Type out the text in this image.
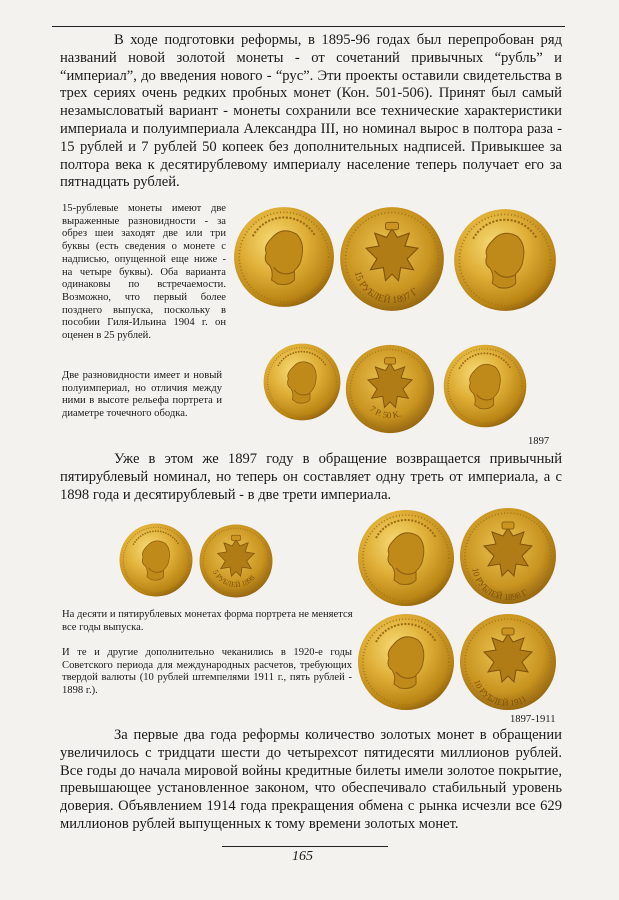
В ходе подготовки реформы, в 1895-96 годах был перепробован ряд названий новой золотой монеты - от сочетаний привычных “рубль” и “империал”, до введения нового - “рус”. Эти проекты оставили свидетельства в трех сериях очень редких пробных монет (Кон. 501-506). Принят был самый незамысловатый вариант - монеты сохранили все технические характеристики империала и полуимпериала Александра III, но номинал вырос в полтора раза - 15 рублей и 7 рублей 50 копеек без дополнительных надписей. Привыкшее за полтора века к десятирублевому империалу население теперь получает его за пятнадцать рублей.

15 РУБЛЕЙ 1897 Г
7 Р. 50 К.

15-рублевые монеты имеют две выраженные разновидности - за обрез шеи заходят две или три буквы (есть сведения о монете с надписью, опущенной еще ниже - на четыре буквы). Оба варианта одинаковы по встречаемости. Возможно, что первый более позднего выпуска, поскольку в пособии Гиля-Ильина 1904 г. он оценен в 25 рублей.

Две разновидности имеет и новый полуимпериал, но отличия между ними в высоте рельефа портрета и диаметре точечного ободка.

1897

Уже в этом же 1897 году в обращение возвращается привычный пятирублевый номинал, но теперь он составляет одну треть от империала, а с 1898 года и десятирублевый - в две трети империала.

5 РУБЛЕЙ 1898
10 РУБЛЕЙ 1898 Г
10 РУБЛЕЙ 1911

На десяти и пятирублевых монетах форма портрета не меняется все годы выпуска.

И те и другие дополнительно чеканились в 1920-е годы Советского периода для международных расчетов, требующих твердой валюты (10 рублей штемпелями 1911 г., пять рублей - 1898 г.).

1897-1911

За первые два года реформы количество золотых монет в обращении увеличилось с тридцати шести до четырехсот пятидесяти миллионов рублей. Все годы до начала мировой войны кредитные билеты имели золотое покрытие, превышающее установленное законом, что обеспечивало стабильный уровень доверия. Объявлением 1914 года прекращения обмена с рынка исчезли все 629 миллионов рублей выпущенных к тому времени золотых монет.

165
